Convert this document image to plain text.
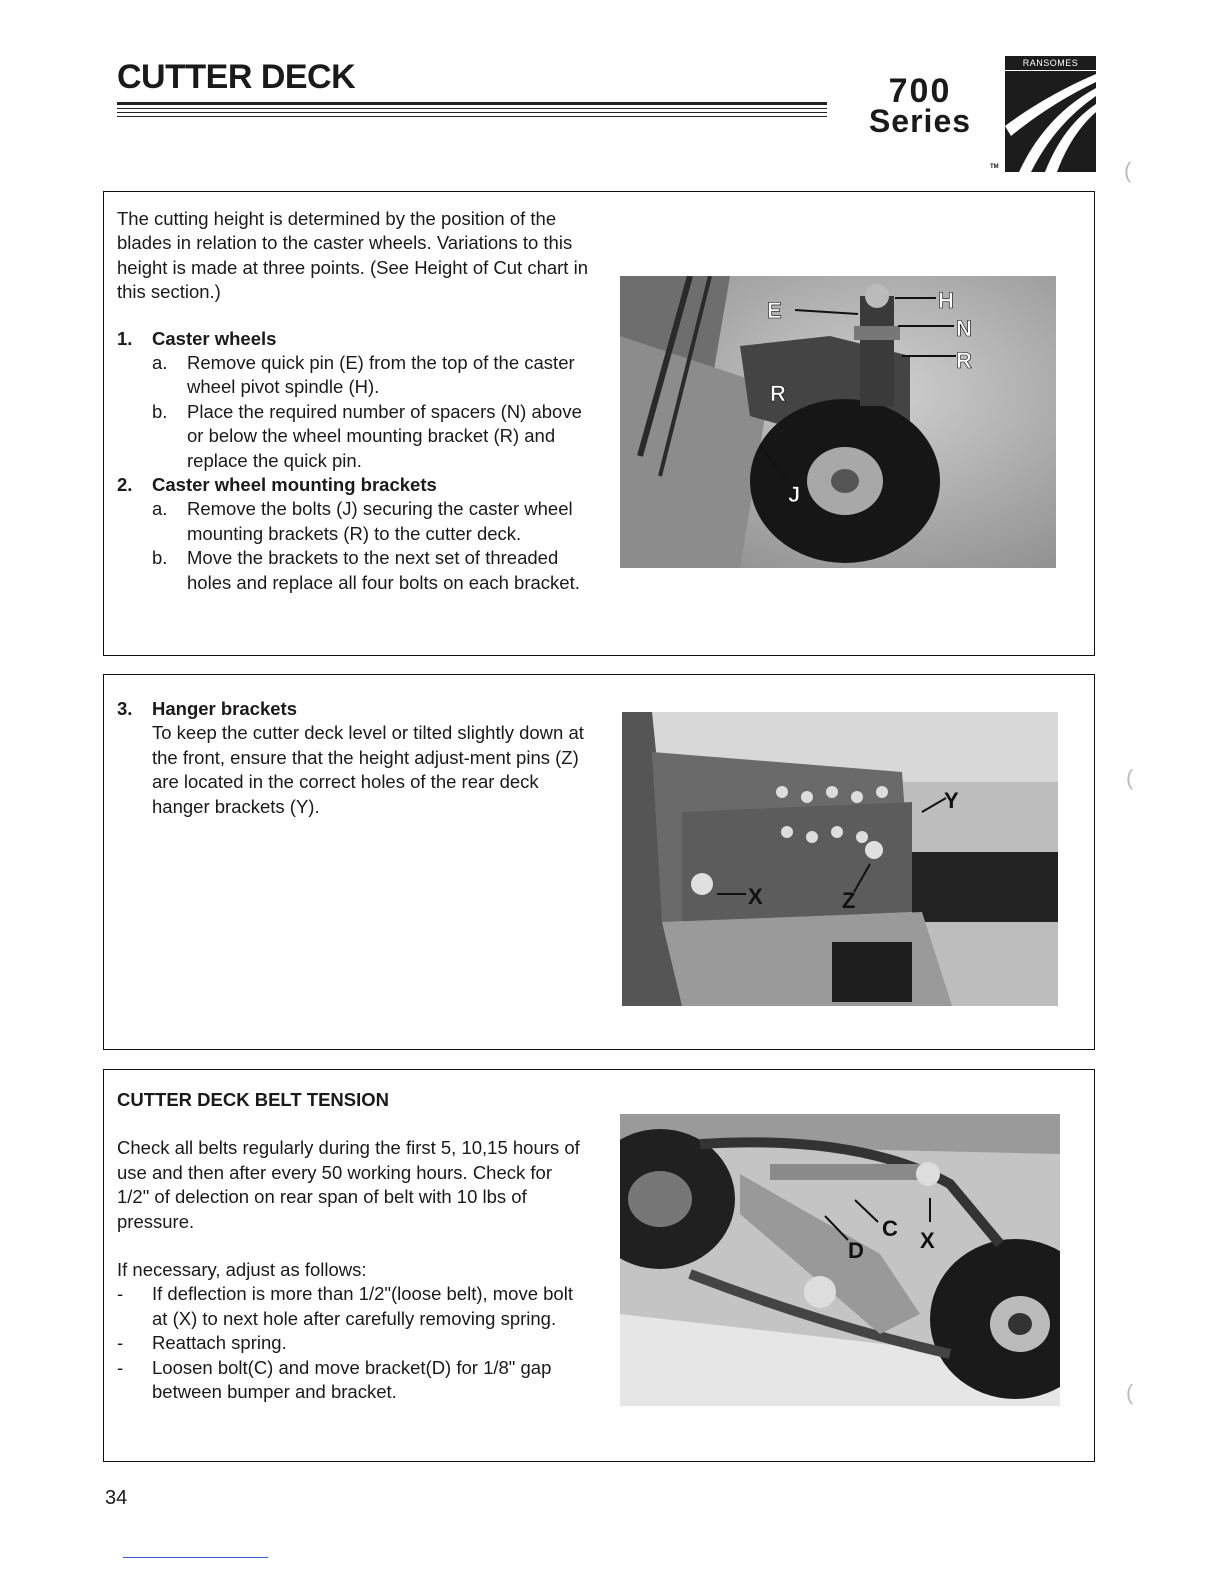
CUTTER DECK	700
Series
RANSOMES
TM

The cutting height is determined by the position of the blades in relation to the caster wheels. Variations to this height is made at three points. (See Height of Cut chart in this section.)

1. Caster wheels
a. Remove quick pin (E) from the top of the caster wheel pivot spindle (H).
b. Place the required number of spacers (N) above or below the wheel mounting bracket (R) and replace the quick pin.
2. Caster wheel mounting brackets
a. Remove the bolts (J) securing the caster wheel mounting brackets (R) to the cutter deck.
b. Move the brackets to the next set of threaded holes and replace all four bolts on each bracket.
E	H
N
R
R
J
3. Hanger brackets
To keep the cutter deck level or tilted slightly down at the front, ensure that the height adjust-ment pins (Z) are located in the correct holes of the rear deck hanger brackets (Y).	Y
X	Z

CUTTER DECK BELT TENSION

Check all belts regularly during the first 5, 10,15 hours of use and then after every 50 working hours. Check for 1/2" of delection on rear span of belt with 10 lbs of pressure.

If necessary, adjust as follows:

- If deflection is more than 1/2"(loose belt), move bolt at (X) to next hole after carefully removing spring.
- Reattach spring.
- Loosen bolt(C) and move bracket(D) for 1/8" gap between bumper and bracket.
C
D	X
34
(
(
(
